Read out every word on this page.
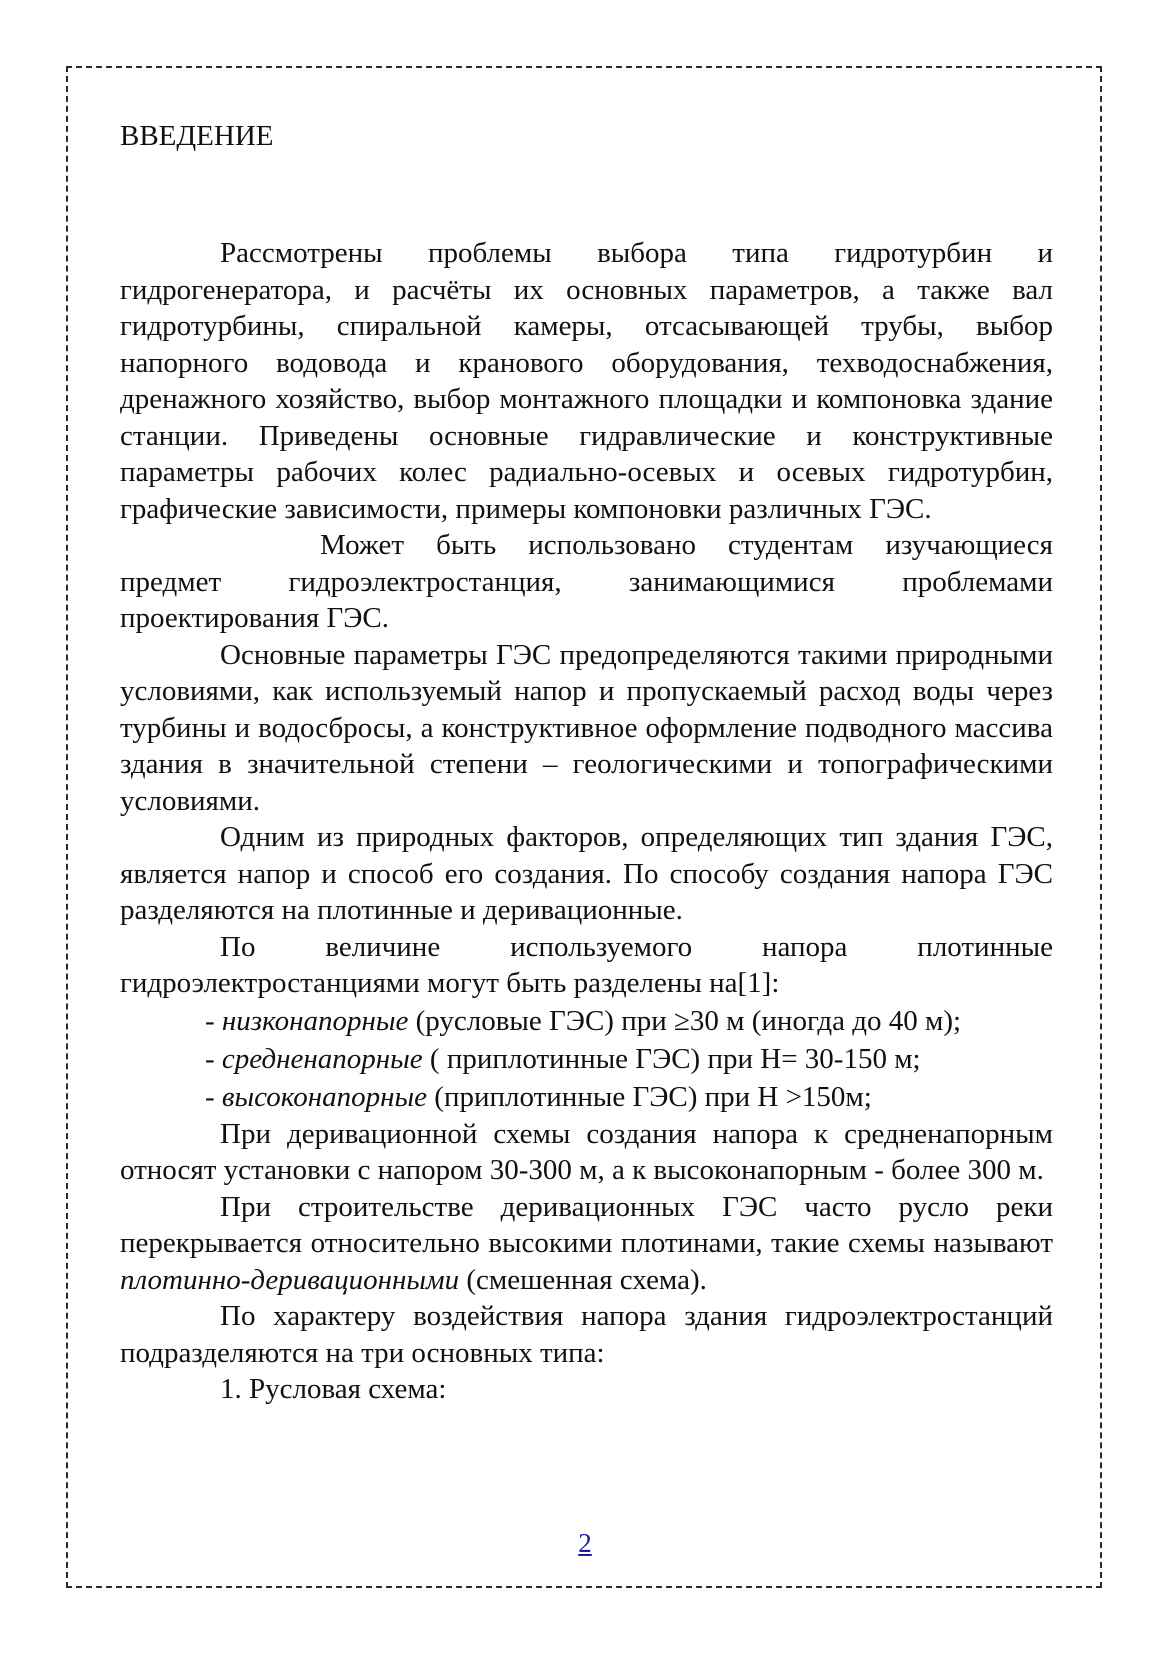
ВВЕДЕНИЕ

Рассмотрены проблемы выбора типа гидротурбин и гидрогенератора, и расчёты их основных параметров, а также вал гидротурбины, спиральной камеры, отсасывающей трубы, выбор напорного водовода и кранового оборудования, техводоснабжения, дренажного хозяйство, выбор монтажного площадки и компоновка здание станции. Приведены основные гидравлические и конструктивные параметры рабочих колес радиально-осевых и осевых гидротурбин, графические зависимости, примеры компоновки различных ГЭС.

Может быть использовано студентам изучающиеся предмет гидроэлектростанция, занимающимися проблемами проектирования ГЭС.

Основные параметры ГЭС предопределяются такими природными условиями, как используемый напор и пропускаемый расход воды через турбины и водосбросы, а конструктивное оформление подводного массива здания в значительной степени – геологическими и топографическими условиями.

Одним из природных факторов, определяющих тип здания ГЭС, является напор и способ его создания. По способу создания напора ГЭС разделяются на плотинные и деривационные.

По величине используемого напора плотинные гидроэлектростанциями могут быть разделены на[1]:

- низконапорные (русловые ГЭС) при ≥30 м (иногда до 40 м);

- средненапорные ( приплотинные ГЭС) при Н= 30-150 м;

- высоконапорные (приплотинные ГЭС) при Н >150м;

При деривационной схемы создания напора к средненапорным относят установки с напором 30-300 м, а к высоконапорным - более 300 м.

При строительстве деривационных ГЭС часто русло реки перекрывается относительно высокими плотинами, такие схемы называют плотинно-деривационными (смешенная схема).

По характеру воздействия напора здания гидроэлектростанций подразделяются на три основных типа:

1. Русловая схема:

2
